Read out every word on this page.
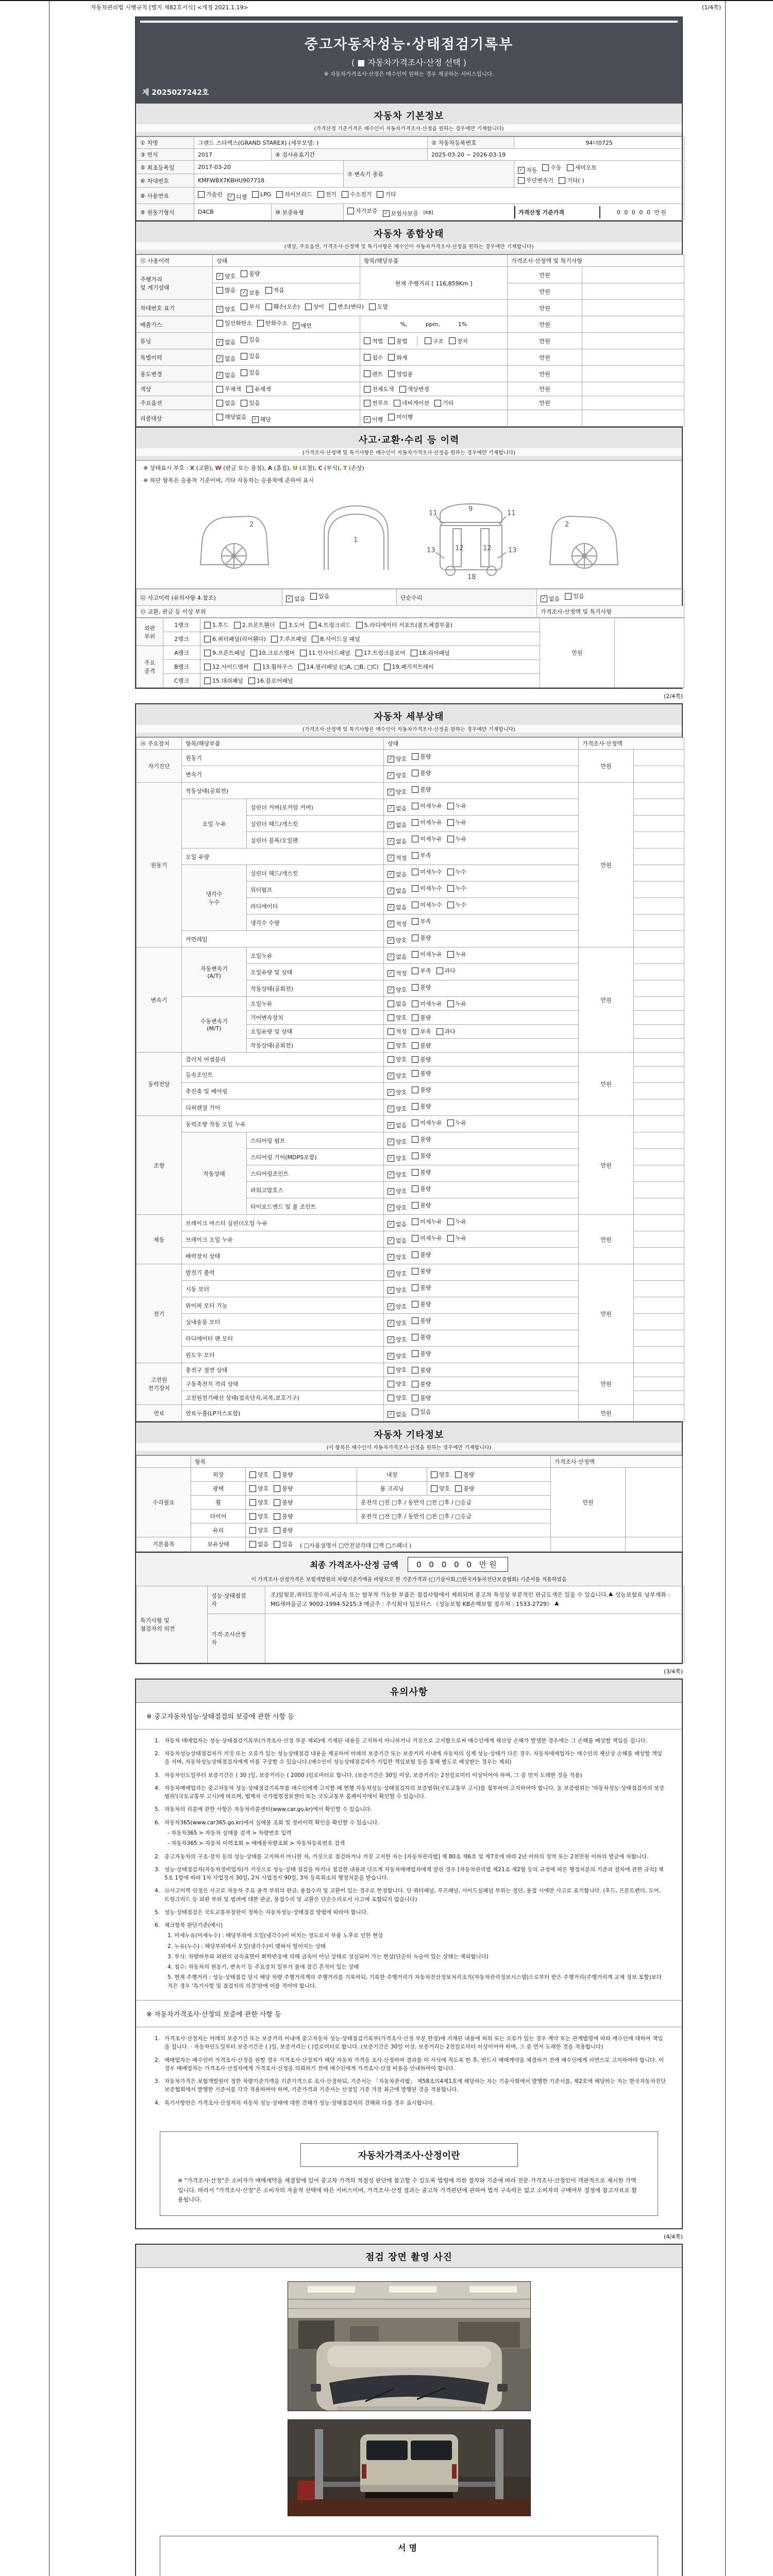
자동차관리법 시행규칙 [별지 제82호서식] <개정 2021.1.19>	(1/4쪽)
중고자동차성능·상태점검기록부
( ■ 자동차가격조사·산정 선택 )
※ 자동차가격조사·산정은 매수인이 원하는 경우 제공하는 서비스입니다.
제 2025027242호
자동차 기본정보
(가격산정 기준가격은 매수인이 자동차가격조사·산정을 원하는 경우에만 기재합니다)
① 차명	그랜드 스타렉스(GRAND STAREX) (세부모델: )			② 자동차등록번호	94너0725
③ 연식	2017	④ 검사유효기간		2025-03-20 ~ 2026-03-19	
⑤ 최초등록일	2017-03-20	⑦ 변속기 종류	
✓ 자동 수동 세미오토

무단변속기 기타( )

⑥ 차대번호	KMFWBX7KBHU907718				
⑧ 사용연료	가솔린	✓ 디젤 LPG 하이브리드 전기 수소전기 기타

⑨ 원동기형식	D4CB	⑩ 보증유형	자가보증	✓ 보험사보증 [KB]	가격산정 기준가격	0 0 0 0 0 만원
자동차 종합상태
(색상, 주요옵션, 가격조사·산정액 및 특기사항은 매수인이 자동차가격조사·산정을 원하는 경우에만 기재합니다)
⑪ 사용이력	상태	항목/해당부품	가격조사·산정액 및 특기사항	
주행거리
및 계기상태	✓ 양호 불량	현재 주행거리 [ 116,859Km ]	만원	

	많음 ✓ 보통 적음		만원	
차대번호 표기	✓ 양호 부식 훼손(오손) 상이 변조(변타) 도말	만원	
배출가스	일산화탄소 탄화수소 ✓ 매연	%,          ppm,          1%	만원	
튜닝	✓ 없음 있음	적법 불법 구조 장치	만원	
특별이력	✓ 없음 있음	침수 화재	만원	
용도변경	✓ 없음 있음	렌트 영업용	만원	
색상	무채색 유채색	전체도색 색상변경	만원	
주요옵션	없음 있음	썬루프 네비게이션 기타	만원	
리콜대상	해당없음 ✓ 해당	✓ 이행 미이행		

사고·교환·수리 등 이력
(가격조사·산정액 및 특기사항은 매수인이 자동차가격조사·산정을 원하는 경우에만 기재합니다)
※ 상태표시 부호 : X (교환), W (판금 또는 용접), A (흠집), U (요철), C (부식), T (손상)
※ 하단 항목은 승용차 기준이며, 기타 자동차는 승용차에 준하여 표시
2
1
9
11	11
12	12
13	13
18
2
⑫ 사고이력 (유의사항 4.참조)	✓ 없음 있음	단순수리	✓ 없음 있음

⑬ 교환, 판금 등 이상 부위			가격조사·산정액 및 특기사항
외판
부위	1랭크	1.후드 2.프론트휀더 3.도어 4.트렁크리드 5.라디에이터 서포트(볼트체결부품)	만원	
	2랭크	6.쿼터패널(리어휀다) 7.루프패널 8.사이드실 패널		

주요
골격	A랭크	9.프론트패널 10.크로스멤버 11.인사이드패널 17.트렁크플로어 18.리어패널		

	B랭크	12.사이드멤버 13.휠하우스 14.필러패널 (□A, □B, □C) 19.패키지트레이		

	C랭크	15.대쉬패널 16.플로어패널		
(2/4쪽)
자동차 세부상태
(가격조사·산정액 및 특기사항은 매수인이 자동차가격조사·산정을 원하는 경우에만 기재합니다)
⑭ 주요장치	항목/해당부품		상태	가격조사·산정액	
자기진단	원동기		✓ 양호 불량	만원	
	변속기		✓ 양호 불량		

원동기	작동상태(공회전)		✓ 양호 불량	만원	
	오일 누유	실린더 커버(로커암 커버)	✓ 없음 미세누유 누유		

		실린더 헤드/개스킷	✓ 없음 미세누유 누유		

		실린더 블록/오일팬	✓ 없음 미세누유 누유		

	오일 유량		✓ 적정 부족		

	냉각수
누수	실린더 헤드/개스킷	✓ 없음 미세누수 누수		

		워터펌프	✓ 없음 미세누수 누수		

		라디에이터	✓ 없음 미세누수 누수		

		냉각수 수량	✓ 적정 부족		

	커먼레일		✓ 양호 불량		

변속기	자동변속기
(A/T)	오일누유	✓ 없음 미세누유 누유	만원	
		오일유량 및 상태	✓ 적정 부족 과다		

		작동상태(공회전)	✓ 양호 불량		

	수동변속기
(M/T)	오일누유	없음 미세누유 누유		

		기어변속장치	양호 불량		

		오일유량 및 상태	적정 부족 과다		

		작동상태(공회전)	양호 불량		

동력전달	클러치 어셈블리		양호 불량	만원	
	등속조인트		✓ 양호 불량		

	추진축 및 베어링		✓ 양호 불량		

	디퍼렌셜 기어		✓ 양호 불량		

조향	동력조향 작동 오일 누유		✓ 없음 미세누유 누유	만원	
	작동상태	스티어링 펌프	✓ 양호 불량		

		스티어링 기어(MDPS포함)	✓ 양호 불량		

		스티어링조인트	✓ 양호 불량		

		파워고압호스	✓ 양호 불량		

		타이로드엔드 및 볼 조인트	✓ 양호 불량		

제동	브레이크 마스터 실린더오일 누유		✓ 없음 미세누유 누유	만원	
	브레이크 오일 누유		✓ 없음 미세누유 누유		

	배력장치 상태		✓ 양호 불량		

전기	발전기 출력		✓ 양호 불량	만원	
	시동 모터		✓ 양호 불량		

	와이퍼 모터 기능		✓ 양호 불량		

	실내송풍 모터		✓ 양호 불량		

	라디에이터 팬 모터		✓ 양호 불량		

	윈도우 모터		✓ 양호 불량		

고전원
전기장치	충전구 절연 상태		양호 불량	만원	
	구동축전지 격리 상태		양호 불량		

	고전원전기배선 상태(접속단자,피복,보호기구)		양호 불량		

연료	연료누출(LP가스포함)		✓ 없음 있음	만원	
자동차 기타정보
(이 항목은 매수인이 자동차가격조사·산정을 원하는 경우에만 기재합니다)
	항목				가격조사·산정액	
수리필요	외장	양호 불량	내장	양호 불량	만원	
	광택	양호 불량	룸 크리닝	양호 불량		

	휠	양호 불량	운전석 □전 □후 / 동반석 □전 □후 / □응급			
	타이어	양호 불량	운전석 □전 □후 / 동반석 □전 □후 / □응급			
	유리	양호 불량				

기본품목	보유상태	없음 있음 ( □사용설명서 □안전삼각대 □잭 □스패너 )				
최종 가격조사·산정 금액	0 0 0 0 0 만원
이 가격조사·산정가격은 보험개발원의 차량기준가액을 바탕으로 한 기준가격과 (□기술사회,□한국자동차진단보증협회) 기준서를 적용하였음
특기사항 및
점검자의 의견	성능·상태점검
자	조)앞뒷문,쿼터도장수리,비금속 또는 탈부착 가능한 부품은 점검사항에서 제외되며 중고차 특성상 부분적인 판금도색은 있을 수 있습니다.♣ 성능보험료 납부계좌 : MG새마을금고 9002-1994-5215-3 예금주 : 주식회사 팀모터스 《성능보험 KB손해보험 접수처 : 1533-2729》 ♣
	가격·조사산정
자	
(3/4쪽)
유의사항
※ 중고자동차성능·상태점검의 보증에 관한 사항 등
1. 자동차 매매업자는 성능·상태점검기록부(가격조사·산정 부분 제외)에 기재된 내용을 고지하지 아니하거나 거짓으로 고지함으로써 매수인에게 재산상 손해가 발생한 경우에는 그 손해를 배상할 책임을 집니다.
2. 자동차성능상태점검자가 거짓 또는 오류가 있는 성능상태점검 내용을 제공하여 아래의 보증기간 또는 보증거리 이내에 자동차의 실제 성능·상태가 다른 경우, 자동차매매업자는 매수인의 재산상 손해를 배상할 책임을 지며, 자동차성능상태점검자에게 이를 구상할 수 있습니다.(매수인이 성능상태점검자가 가입한 책임보험 등을 통해 별도로 배상받는 경우는 제외)
3. 자동차인도일부터 보증기간은 ( 30 )일, 보증거리는 ( 2000 )킬로미터로 합니다. (보증기간은 30일 이상, 보증거리는 2천킬로미터 이상이어야 하며, 그 중 먼저 도래한 것을 적용)
4. 자동차매매업자는 중고자동차 성능·상태점검기록부를 매수인에게 고지할 때 현행 자동차성능·상태점검자의 보증범위(국토교통부 고시)를 첨부하여 고지하여야 합니다. 동 보증범위는 '자동차성능·상태점검자의 보증범위'(국토교통부 고시)에 따르며, 법제처 국가법령정보센터 또는 국토교통부 홈페이지에서 확인할 수 있습니다.
5. 자동차의 리콜에 관한 사항은 자동차리콜센터(www.car.go.kr)에서 확인할 수 있습니다.
6. 자동차365(www.car365.go.kr)에서 실매물 조회 및 정비이력 확인을 확인할 수 있습니다.
- 자동차365 > 자동차 실매물 검색 > 차량번호 입력
- 자동차365 > 자동차 이력조회 > 매매용차량조회 > 자동차등록번호 검색
2. 중고자동차의 구조·장치 등의 성능·상태를 고지하지 아니한 자, 거짓으로 점검하거나 거짓 고지한 자는 [자동차관리법] 제 80조 제6호 및 제7호에 따라 2년 이하의 징역 또는 2천만원 이하의 벌금에 처합니다.
3. 성능·상태점검자(자동차정비업자)가 거짓으로 성능·상태 점검을 하거나 점검한 내용과 다르게 자동차매매업자에게 알린 경우 [자동차관리법 제21조 제2항 등의 규정에 따른 행정처분의 기준과 절차에 관한 규칙] 제5조 1항에 따라 1차 사업정지 30일, 2차 사업정지 90일, 3차 등록취소의 행정처분을 받습니다.
4. ⑫사고이력 인정은 사고로 자동차 주요 골격 부위의 판금, 용접수리 및 교환이 있는 경우로 한정합니다. 단 쿼터패널, 루프패널, 사이드실패널 부위는 절단, 용접 시에만 사고로 표기합니다. (후드, 프론트펜더, 도어, 트렁크리드 등 외판 부위 및 범퍼에 대한 판금, 용접수리 및 교환은 단순수리로서 사고에 포함되지 않습니다)
5. 성능·상태점검은 국토교통부장관이 정하는 자동차성능·상태점검 방법에 따라야 합니다.
6. 체크항목 판단기준(예시)
1. 미세누유(미세누수) : 해당부위에 오일(냉각수)이 비치는 정도로서 부품 노후로 인한 현상
2. 누유(누수) : 해당부위에서 오일(냉각수)이 맺혀서 떨어지는 상태
3. 부식: 차량하부와 외판의 금속표면이 화학반응에 의해 금속이 아닌 상태로 상실되어 가는 현상(단순히 녹슬어 있는 상태는 제외합니다)
4. 침수: 자동차의 원동기, 변속기 등 주요장치 일부가 물에 잠긴 흔적이 있는 상태
5. 현재 주행거리 : 성능·상태점검 당시 해당 차량 주행거리계의 주행거리를 기록하되, 기록한 주행거리가 자동차전산정보처리조직(자동차관리정보시스템)으로부터 받은 주행거리(주행거리계 교체 정보 포함)보다 적은 경우 '특기사항 및 점검자의 의견'란에 이를 적어야 합니다.
※ 자동차가격조사·산정의 보증에 관한 사항 등
1. 가격조사·산정자는 아래의 보증기간 또는 보증거리 이내에 중고자동차 성능·상태점검기록부(가격조사·산정 부분 한정)에 기재된 내용에 허위 또는 오류가 있는 경우 계약 또는 관계법령에 따라 매수인에 대하여 책임을 집니다. · 자동차인도일부터 보증기간은 ( )일, 보증거리는 ( )킬로미터로 합니다. (보증기간은 30일 이상, 보증거리는 2천킬로미터 이상이어야 하며, 그 중 먼저 도래한 것을 적용합니다)
2. 매매업자는 매수인이 가격조사·산정을 원할 경우 가격조사·산정자가 해당 자동차 가격을 조사·산정하여 결과를 이 서식에 적도록 한 후, 반드시 매매계약을 체결하기 전에 매수인에게 서면으로 고지하여야 합니다. 이 경우 매매업자는 가격조사·산정자에게 가격조사·산정을 의뢰하기 전에 매수인에게 가격조사·산정 비용을 안내하여야 합니다.
3. 자동차가격은 보험개발원이 정한 차량기준가액을 기준가격으로 조사·산정하되, 기준서는 「자동차관리법」 제58조의4제1호에 해당하는 자는 기술사회에서 발행한 기준서를, 제2호에 해당하는 자는 한국자동차진단보증협회에서 발행한 기준서를 각각 적용하여야 하며, 기준가격과 기준서는 산정일 기준 가장 최근에 발행된 것을 적용합니다.
4. 특기사항란은 가격조사·산정자의 자동차 성능·상태에 대한 견해가 성능·상태점검자의 견해와 다를 경우 표시합니다.
자동차가격조사·산정이란
※ "가격조사·산정"은 소비자가 매매계약을 체결함에 있어 중고차 가격의 적절성 판단에 참고할 수 있도록 법령에 의한 절차와 기준에 따라 전문 가격조사·산정인이 객관적으로 제시한 가액입니다. 따라서 "가격조사·산정"은 소비자의 자율적 선택에 따른 서비스이며, 가격조사·산정 결과는 중고차 가격판단에 관하여 법적 구속력은 없고 소비자의 구매여부 결정에 참고자료로 활용됩니다.
(4/4쪽)
점검 장면 촬영 사진
서명
